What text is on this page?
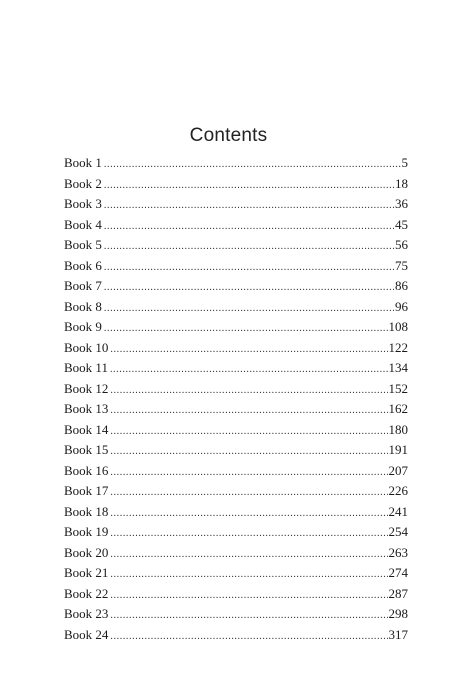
Contents
Book 1 .....	5
Book 2 .....	18
Book 3 .....	36
Book 4 .....	45
Book 5 .....	56
Book 6 .....	75
Book 7 .....	86
Book 8 .....	96
Book 9 .....	108
Book 10 .....	122
Book 11 .....	134
Book 12 .....	152
Book 13 .....	162
Book 14 .....	180
Book 15 .....	191
Book 16 .....	207
Book 17 .....	226
Book 18 .....	241
Book 19 .....	254
Book 20 .....	263
Book 21 .....	274
Book 22 .....	287
Book 23 .....	298
Book 24 .....	317
